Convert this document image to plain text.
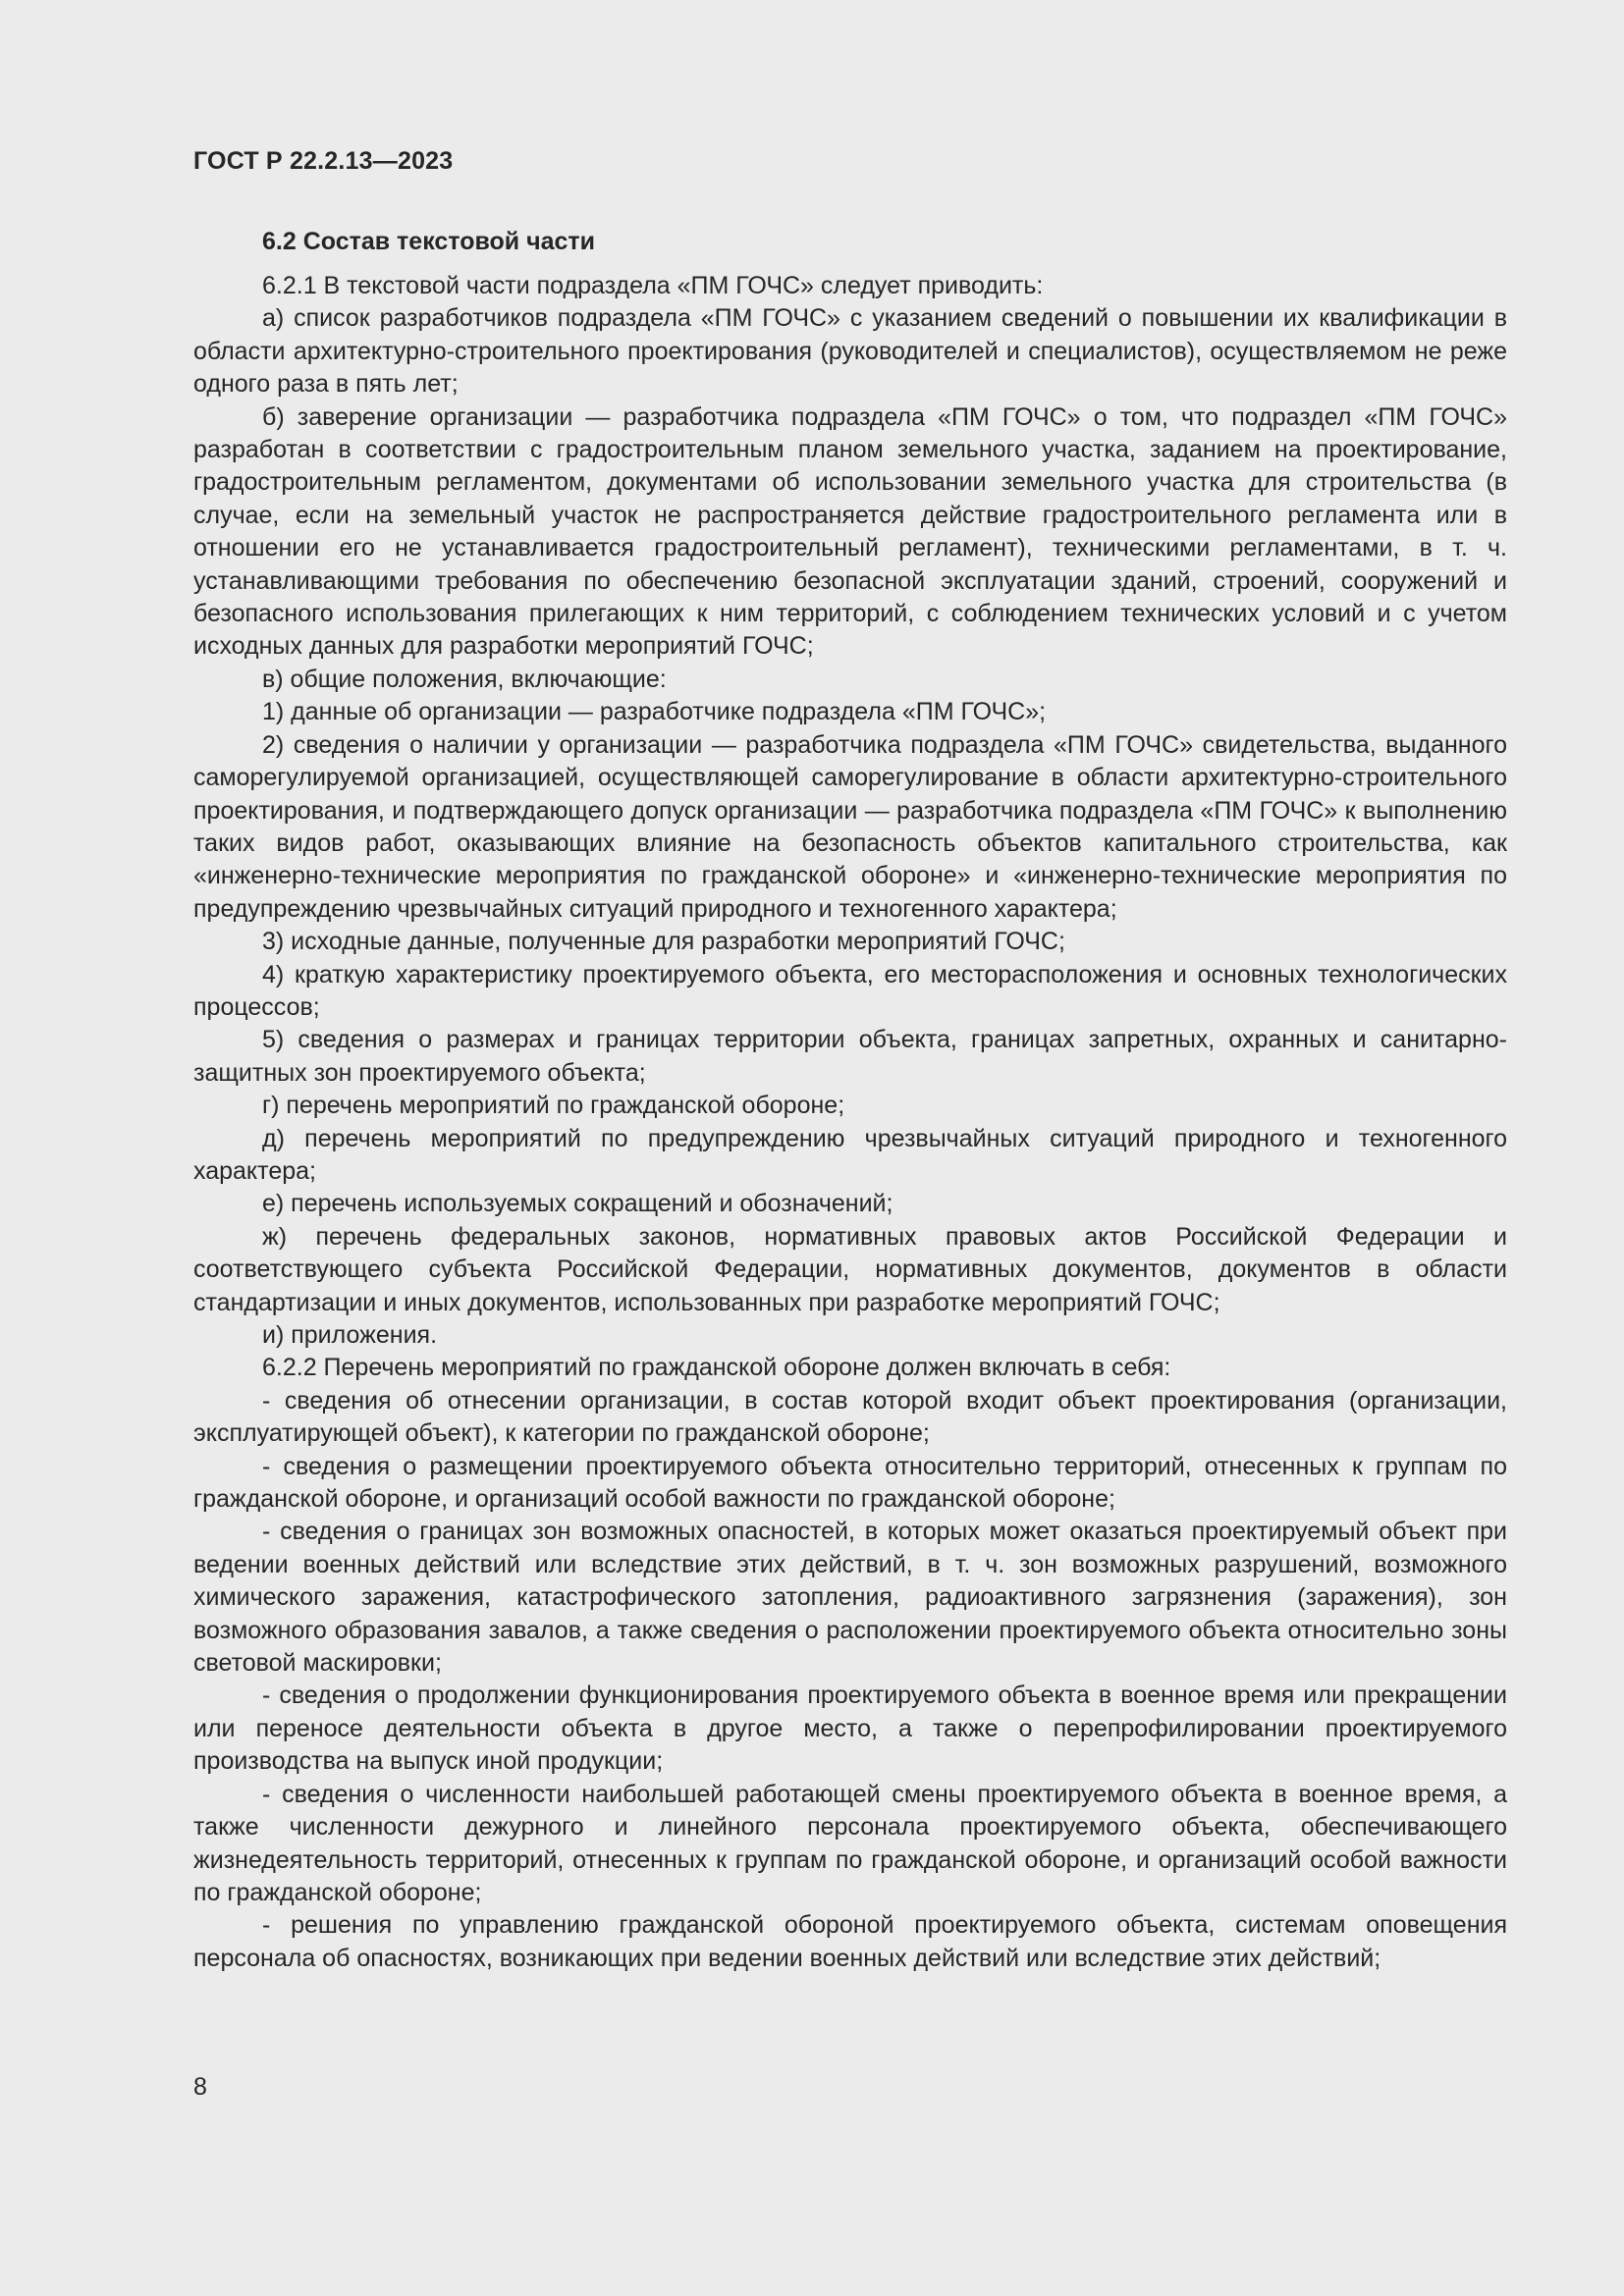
ГОСТ Р 22.2.13—2023

6.2 Состав текстовой части

6.2.1 В текстовой части подраздела «ПМ ГОЧС» следует приводить:

а) список разработчиков подраздела «ПМ ГОЧС» с указанием сведений о повышении их квалификации в области архитектурно-строительного проектирования (руководителей и специалистов), осуществляемом не реже одного раза в пять лет;

б) заверение организации — разработчика подраздела «ПМ ГОЧС» о том, что подраздел «ПМ ГОЧС» разработан в соответствии с градостроительным планом земельного участка, заданием на проектирование, градостроительным регламентом, документами об использовании земельного участка для строительства (в случае, если на земельный участок не распространяется действие градостроительного регламента или в отношении его не устанавливается градостроительный регламент), техническими регламентами, в т. ч. устанавливающими требования по обеспечению безопасной эксплуатации зданий, строений, сооружений и безопасного использования прилегающих к ним территорий, с соблюдением технических условий и с учетом исходных данных для разработки мероприятий ГОЧС;

в) общие положения, включающие:

1) данные об организации — разработчике подраздела «ПМ ГОЧС»;

2) сведения о наличии у организации — разработчика подраздела «ПМ ГОЧС» свидетельства, выданного саморегулируемой организацией, осуществляющей саморегулирование в области архитектурно-строительного проектирования, и подтверждающего допуск организации — разработчика подраздела «ПМ ГОЧС» к выполнению таких видов работ, оказывающих влияние на безопасность объектов капитального строительства, как «инженерно-технические мероприятия по гражданской обороне» и «инженерно-технические мероприятия по предупреждению чрезвычайных ситуаций природного и техногенного характера;

3) исходные данные, полученные для разработки мероприятий ГОЧС;

4) краткую характеристику проектируемого объекта, его месторасположения и основных технологических процессов;

5) сведения о размерах и границах территории объекта, границах запретных, охранных и санитарно-защитных зон проектируемого объекта;

г) перечень мероприятий по гражданской обороне;

д) перечень мероприятий по предупреждению чрезвычайных ситуаций природного и техногенного характера;

е) перечень используемых сокращений и обозначений;

ж) перечень федеральных законов, нормативных правовых актов Российской Федерации и соответствующего субъекта Российской Федерации, нормативных документов, документов в области стандартизации и иных документов, использованных при разработке мероприятий ГОЧС;

и) приложения.

6.2.2 Перечень мероприятий по гражданской обороне должен включать в себя:

- сведения об отнесении организации, в состав которой входит объект проектирования (организации, эксплуатирующей объект), к категории по гражданской обороне;

- сведения о размещении проектируемого объекта относительно территорий, отнесенных к группам по гражданской обороне, и организаций особой важности по гражданской обороне;

- сведения о границах зон возможных опасностей, в которых может оказаться проектируемый объект при ведении военных действий или вследствие этих действий, в т. ч. зон возможных разрушений, возможного химического заражения, катастрофического затопления, радиоактивного загрязнения (заражения), зон возможного образования завалов, а также сведения о расположении проектируемого объекта относительно зоны световой маскировки;

- сведения о продолжении функционирования проектируемого объекта в военное время или прекращении или переносе деятельности объекта в другое место, а также о перепрофилировании проектируемого производства на выпуск иной продукции;

- сведения о численности наибольшей работающей смены проектируемого объекта в военное время, а также численности дежурного и линейного персонала проектируемого объекта, обеспечивающего жизнедеятельность территорий, отнесенных к группам по гражданской обороне, и организаций особой важности по гражданской обороне;

- решения по управлению гражданской обороной проектируемого объекта, системам оповещения персонала об опасностях, возникающих при ведении военных действий или вследствие этих действий;

8
